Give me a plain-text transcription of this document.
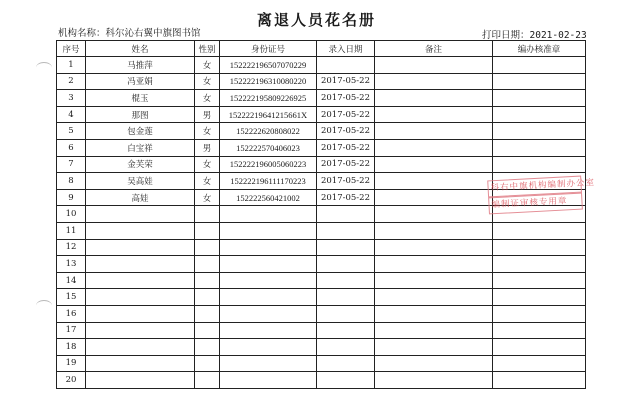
离退人员花名册
机构名称：科尔沁右翼中旗图书馆	打印日期：2021-02-23
序号	姓名	性别	身份证号	录入日期	备注	编办核准章
1	马推萍	女	152222196507070229			
2	冯亚娟	女	152222196310080220	2017-05-22		
3	棍玉	女	152222195809226925	2017-05-22		
4	那图	男	15222219641215661X	2017-05-22		
5	包金莲	女	152222620808022	2017-05-22		
6	白宝祥	男	152222570406023	2017-05-22		
7	金芙荣	女	152222196005060223	2017-05-22		
8	吴高娃	女	152222196111170223	2017-05-22		
9	高娃	女	152222560421002	2017-05-22		
10						
11						
12						
13						
14						
15						
16						
17						
18						
19						
20						
科右中旗机构编制办公室
编制证审核专用章
